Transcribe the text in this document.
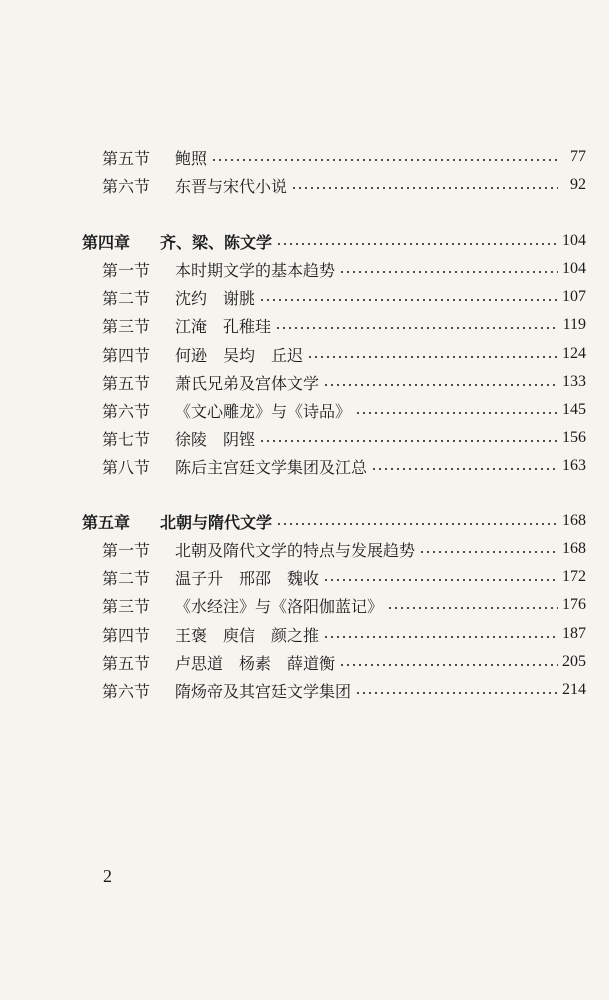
第五节	鲍照	77
第六节	东晋与宋代小说	92
第四章	齐、梁、陈文学	104
第一节	本时期文学的基本趋势	104
第二节	沈约　谢朓	107
第三节	江淹　孔稚珪	119
第四节	何逊　吴均　丘迟	124
第五节	萧氏兄弟及宫体文学	133
第六节	《文心雕龙》与《诗品》	145
第七节	徐陵　阴铿	156
第八节	陈后主宫廷文学集团及江总	163
第五章	北朝与隋代文学	168
第一节	北朝及隋代文学的特点与发展趋势	168
第二节	温子升　邢邵　魏收	172
第三节	《水经注》与《洛阳伽蓝记》	176
第四节	王褒　庾信　颜之推	187
第五节	卢思道　杨素　薛道衡	205
第六节	隋炀帝及其宫廷文学集团	214
2
